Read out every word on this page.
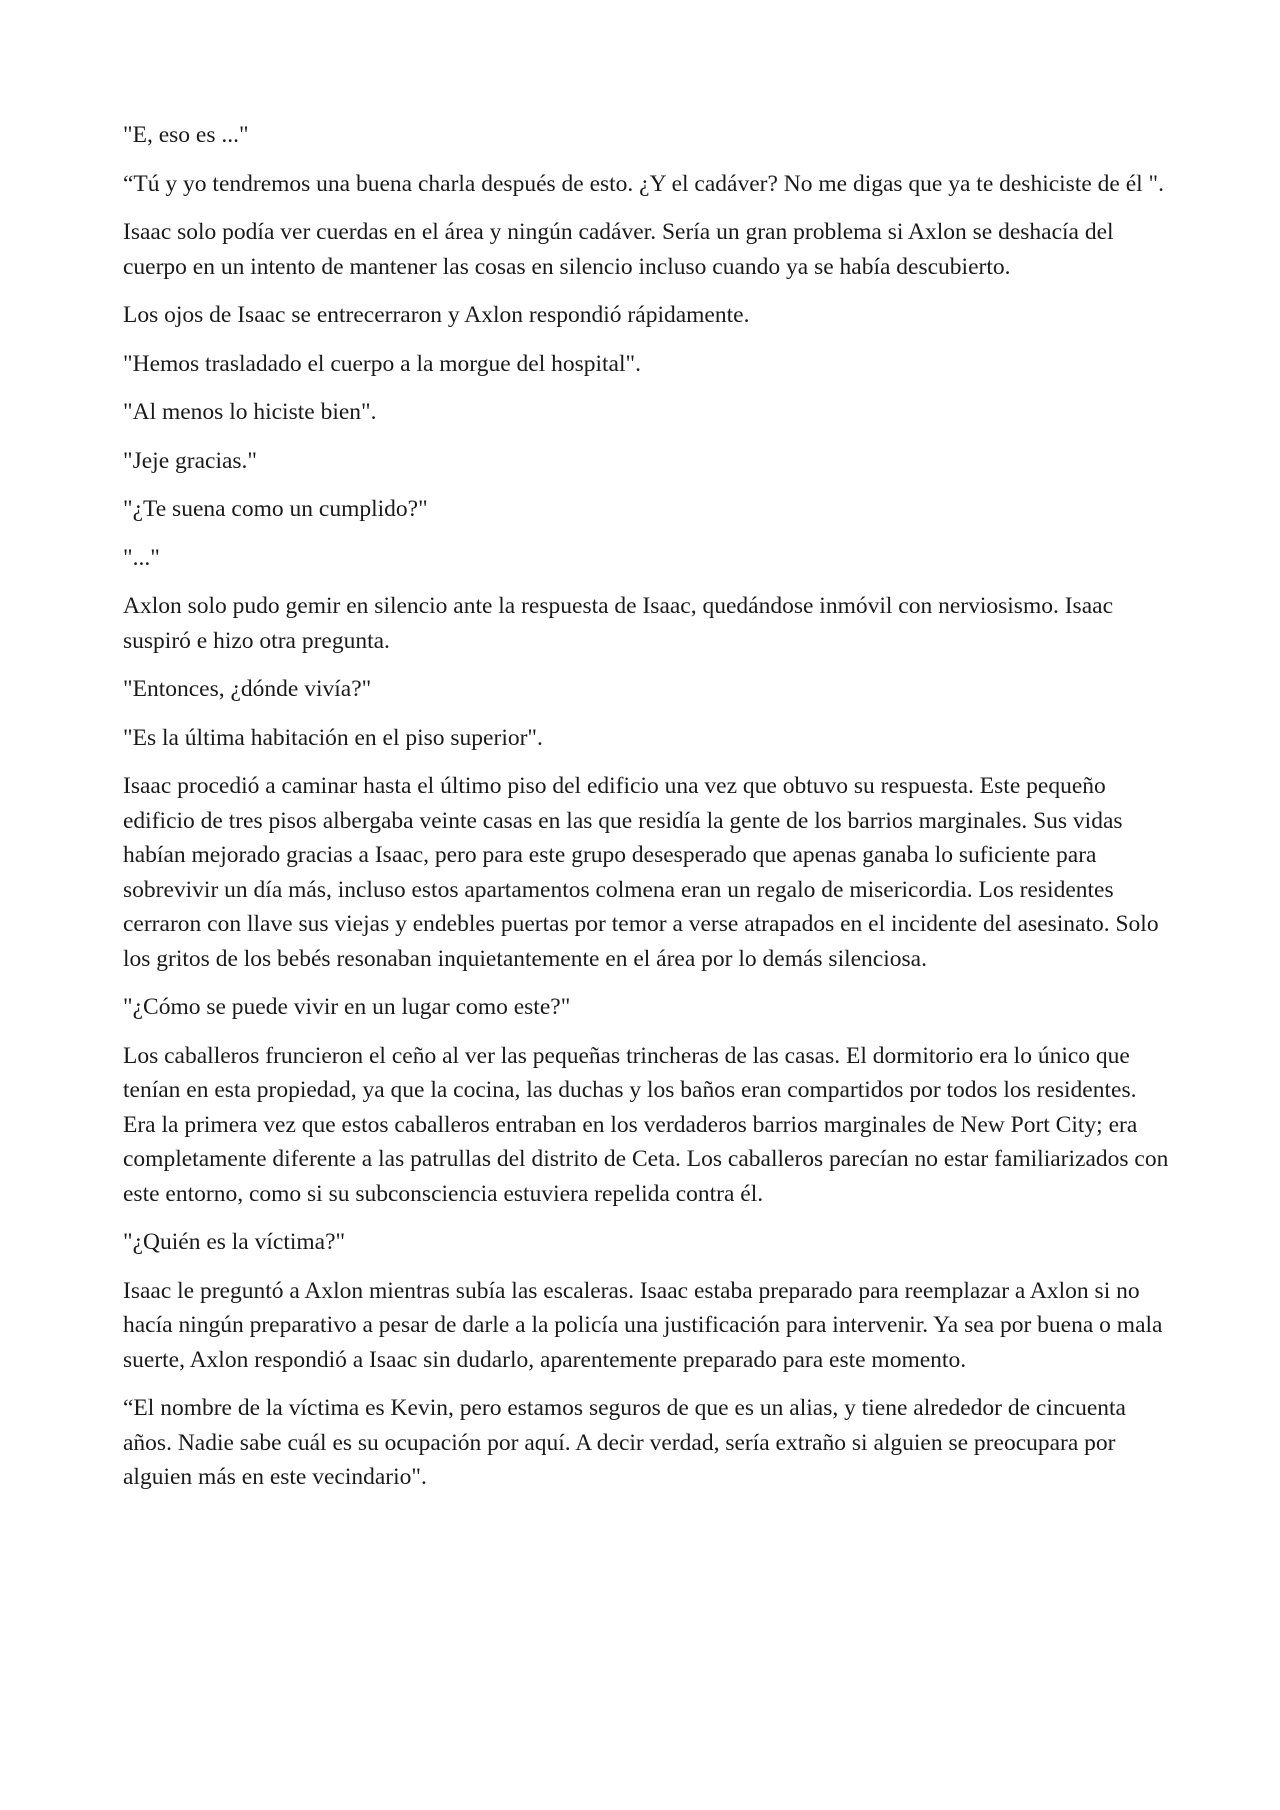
"E, eso es ..."

“Tú y yo tendremos una buena charla después de esto. ¿Y el cadáver? No me digas que ya te deshiciste de él ".

Isaac solo podía ver cuerdas en el área y ningún cadáver. Sería un gran problema si Axlon se deshacía del cuerpo en un intento de mantener las cosas en silencio incluso cuando ya se había descubierto.

Los ojos de Isaac se entrecerraron y Axlon respondió rápidamente.

"Hemos trasladado el cuerpo a la morgue del hospital".

"Al menos lo hiciste bien".

"Jeje gracias."

"¿Te suena como un cumplido?"

"..."

Axlon solo pudo gemir en silencio ante la respuesta de Isaac, quedándose inmóvil con nerviosismo. Isaac suspiró e hizo otra pregunta.

"Entonces, ¿dónde vivía?"

"Es la última habitación en el piso superior".

Isaac procedió a caminar hasta el último piso del edificio una vez que obtuvo su respuesta. Este pequeño edificio de tres pisos albergaba veinte casas en las que residía la gente de los barrios marginales. Sus vidas habían mejorado gracias a Isaac, pero para este grupo desesperado que apenas ganaba lo suficiente para sobrevivir un día más, incluso estos apartamentos colmena eran un regalo de misericordia. Los residentes cerraron con llave sus viejas y endebles puertas por temor a verse atrapados en el incidente del asesinato. Solo los gritos de los bebés resonaban inquietantemente en el área por lo demás silenciosa.

"¿Cómo se puede vivir en un lugar como este?"

Los caballeros fruncieron el ceño al ver las pequeñas trincheras de las casas. El dormitorio era lo único que tenían en esta propiedad, ya que la cocina, las duchas y los baños eran compartidos por todos los residentes. Era la primera vez que estos caballeros entraban en los verdaderos barrios marginales de New Port City; era completamente diferente a las patrullas del distrito de Ceta. Los caballeros parecían no estar familiarizados con este entorno, como si su subconsciencia estuviera repelida contra él.

"¿Quién es la víctima?"

Isaac le preguntó a Axlon mientras subía las escaleras. Isaac estaba preparado para reemplazar a Axlon si no hacía ningún preparativo a pesar de darle a la policía una justificación para intervenir. Ya sea por buena o mala suerte, Axlon respondió a Isaac sin dudarlo, aparentemente preparado para este momento.

“El nombre de la víctima es Kevin, pero estamos seguros de que es un alias, y tiene alrededor de cincuenta años. Nadie sabe cuál es su ocupación por aquí. A decir verdad, sería extraño si alguien se preocupara por alguien más en este vecindario".
